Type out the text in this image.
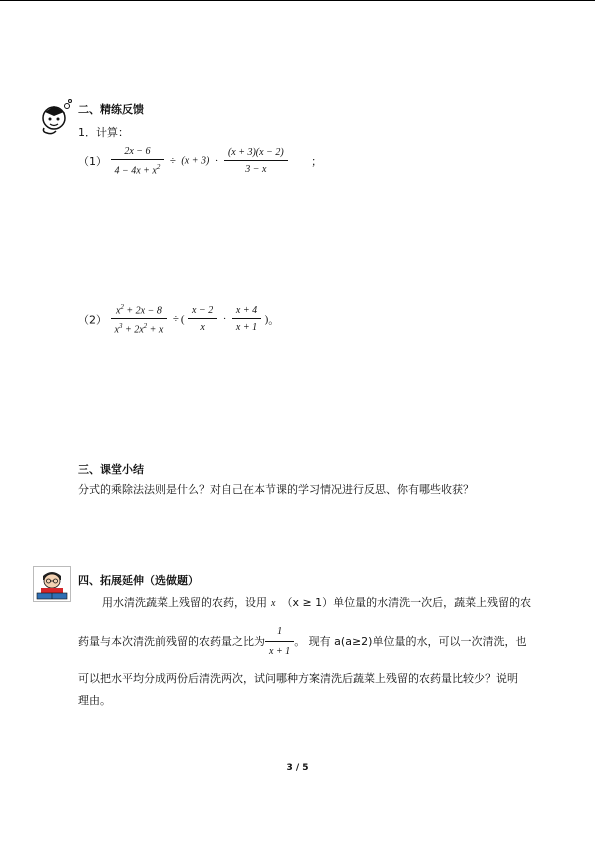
二、精练反馈
1．计算：
$(1) \frac{2x - 6}{4 - 4x + x^2} \div (x + 3) \cdot \frac{(x + 3)(x - 2)}{3 - x}$ ；
$(2) \frac{x^2 + 2x - 8}{x^3 + 2x^2 + x}$ ÷ ( $\frac{x - 2}{x} \cdot \frac{x + 4}{x + 1}$ )。
三、课堂小结
分式的乘除法法则是什么？对自己在本节课的学习情况进行反思、你有哪些收获？
四、拓展延伸（选做题）
用水清洗蔬菜上残留的农药，设用 x （x ≥ 1）单位量的水清洗一次后，蔬菜上残留的农
药量与本次清洗前残留的农药量之比为 $\frac{1}{x + 1}$ 。 现有 a(a≥2)单位量的水，可以一次清洗，也
可以把水平均分成两份后清洗两次，试问哪种方案清洗后蔬菜上残留的农药量比较少？说明
理由。
3 / 5
